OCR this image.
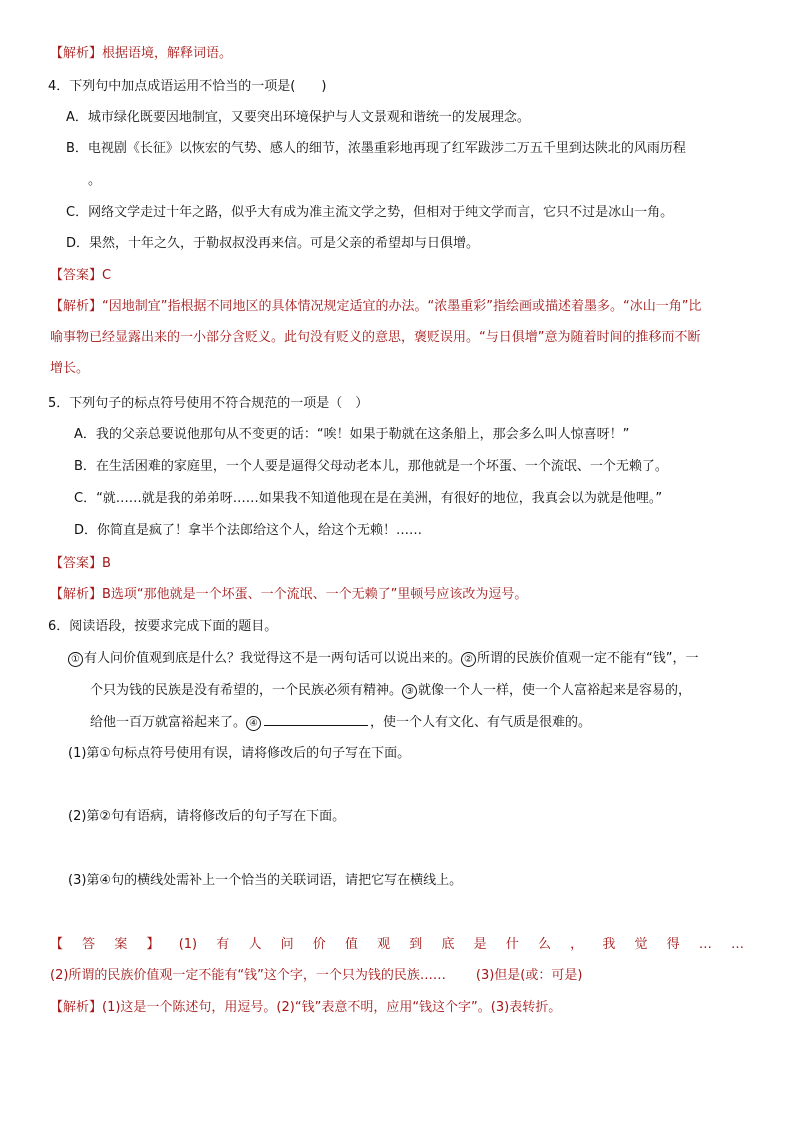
【解析】根据语境，解释词语。
4．下列句中加点成语运用不恰当的一项是(　　)
A．城市绿化既要因地制宜，又要突出环境保护与人文景观和谐统一的发展理念。
B．电视剧《长征》以恢宏的气势、感人的细节，浓墨重彩地再现了红军跋涉二万五千里到达陕北的风雨历程
。
C．网络文学走过十年之路，似乎大有成为准主流文学之势，但相对于纯文学而言，它只不过是冰山一角。
D．果然，十年之久，于勒叔叔没再来信。可是父亲的希望却与日俱增。
【答案】C
【解析】“因地制宜”指根据不同地区的具体情况规定适宜的办法。“浓墨重彩”指绘画或描述着墨多。“冰山一角”比
喻事物已经显露出来的一小部分含贬义。此句没有贬义的意思，褒贬误用。“与日俱增”意为随着时间的推移而不断
增长。
5．下列句子的标点符号使用不符合规范的一项是（　）
A．我的父亲总要说他那句从不变更的话：“唉！如果于勒就在这条船上，那会多么叫人惊喜呀！”
B．在生活困难的家庭里，一个人要是逼得父母动老本儿，那他就是一个坏蛋、一个流氓、一个无赖了。
C．“就……就是我的弟弟呀……如果我不知道他现在是在美洲，有很好的地位，我真会以为就是他哩。”
D．你简直是疯了！拿半个法郎给这个人，给这个无赖！……
【答案】B
【解析】B选项“那他就是一个坏蛋、一个流氓、一个无赖了”里顿号应该改为逗号。
6．阅读语段，按要求完成下面的题目。
① 有人问价值观到底是什么？我觉得这不是一两句话可以说出来的。 ② 所谓的民族价值观一定不能有“钱”，一
个只为钱的民族是没有希望的，一个民族必须有精神。 ③ 就像一个人一样，使一个人富裕起来是容易的，
给他一百万就富裕起来了。 ④	，使一个人有文化、有气质是很难的。
(1)第①句标点符号使用有误，请将修改后的句子写在下面。
(2)第②句有语病，请将修改后的句子写在下面。
(3)第④句的横线处需补上一个恰当的关联词语，请把它写在横线上。
【 答 案 】 (1) 有 人 问 价 值 观 到 底 是 什 么 ， 我 觉 得 … …
(2)所谓的民族价值观一定不能有“钱”这个字，一个只为钱的民族…… (3)但是(或：可是)
【解析】(1)这是一个陈述句，用逗号。(2)“钱”表意不明，应用“钱这个字”。(3)表转折。
